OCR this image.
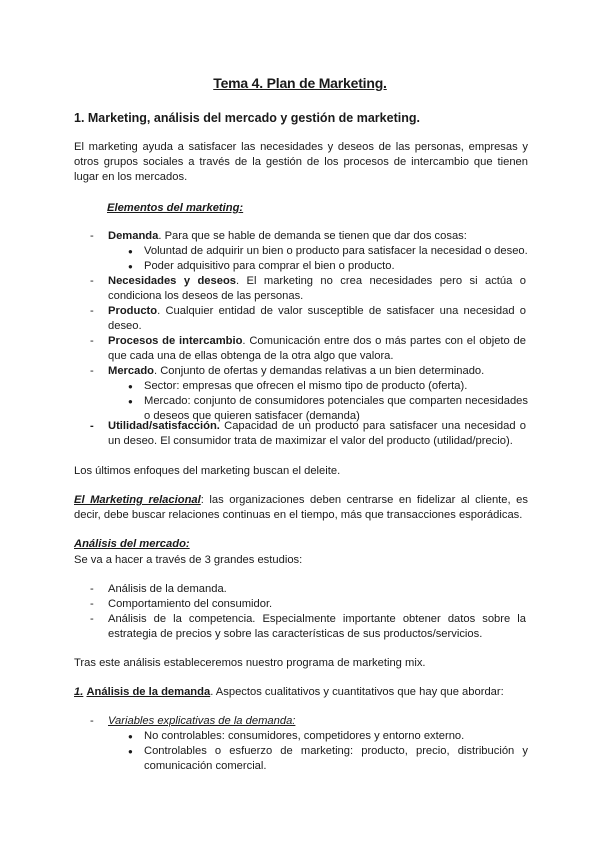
Tema 4. Plan de Marketing.
1. Marketing, análisis del mercado y gestión de marketing.
El marketing ayuda a satisfacer las necesidades y deseos de las personas, empresas y otros grupos sociales a través de la gestión de los procesos de intercambio que tienen lugar en los mercados.
Elementos del marketing:
-	Demanda. Para que se hable de demanda se tienen que dar dos cosas:
● Voluntad de adquirir un bien o producto para satisfacer la necesidad o deseo.
● Poder adquisitivo para comprar el bien o producto.
-	Necesidades y deseos. El marketing no crea necesidades pero si actúa o condiciona los deseos de las personas.
-	Producto. Cualquier entidad de valor susceptible de satisfacer una necesidad o deseo.
-	Procesos de intercambio. Comunicación entre dos o más partes con el objeto de que cada una de ellas obtenga de la otra algo que valora.
-	Mercado. Conjunto de ofertas y demandas relativas a un bien determinado.
● Sector: empresas que ofrecen el mismo tipo de producto (oferta).
● Mercado: conjunto de consumidores potenciales que comparten necesidades o deseos que quieren satisfacer (demanda)
-	Utilidad/satisfacción. Capacidad de un producto para satisfacer una necesidad o un deseo. El consumidor trata de maximizar el valor del producto (utilidad/precio).
Los últimos enfoques del marketing buscan el deleite.
El Marketing relacional: las organizaciones deben centrarse en fidelizar al cliente, es decir, debe buscar relaciones continuas en el tiempo, más que transacciones esporádicas.
Análisis del mercado:
Se va a hacer a través de 3 grandes estudios:
-	Análisis de la demanda.
-	Comportamiento del consumidor.
-	Análisis de la competencia. Especialmente importante obtener datos sobre la estrategia de precios y sobre las características de sus productos/servicios.
Tras este análisis estableceremos nuestro programa de marketing mix.
1. Análisis de la demanda. Aspectos cualitativos y cuantitativos que hay que abordar:
-	Variables explicativas de la demanda:
● No controlables: consumidores, competidores y entorno externo.
● Controlables o esfuerzo de marketing: producto, precio, distribución y comunicación comercial.
